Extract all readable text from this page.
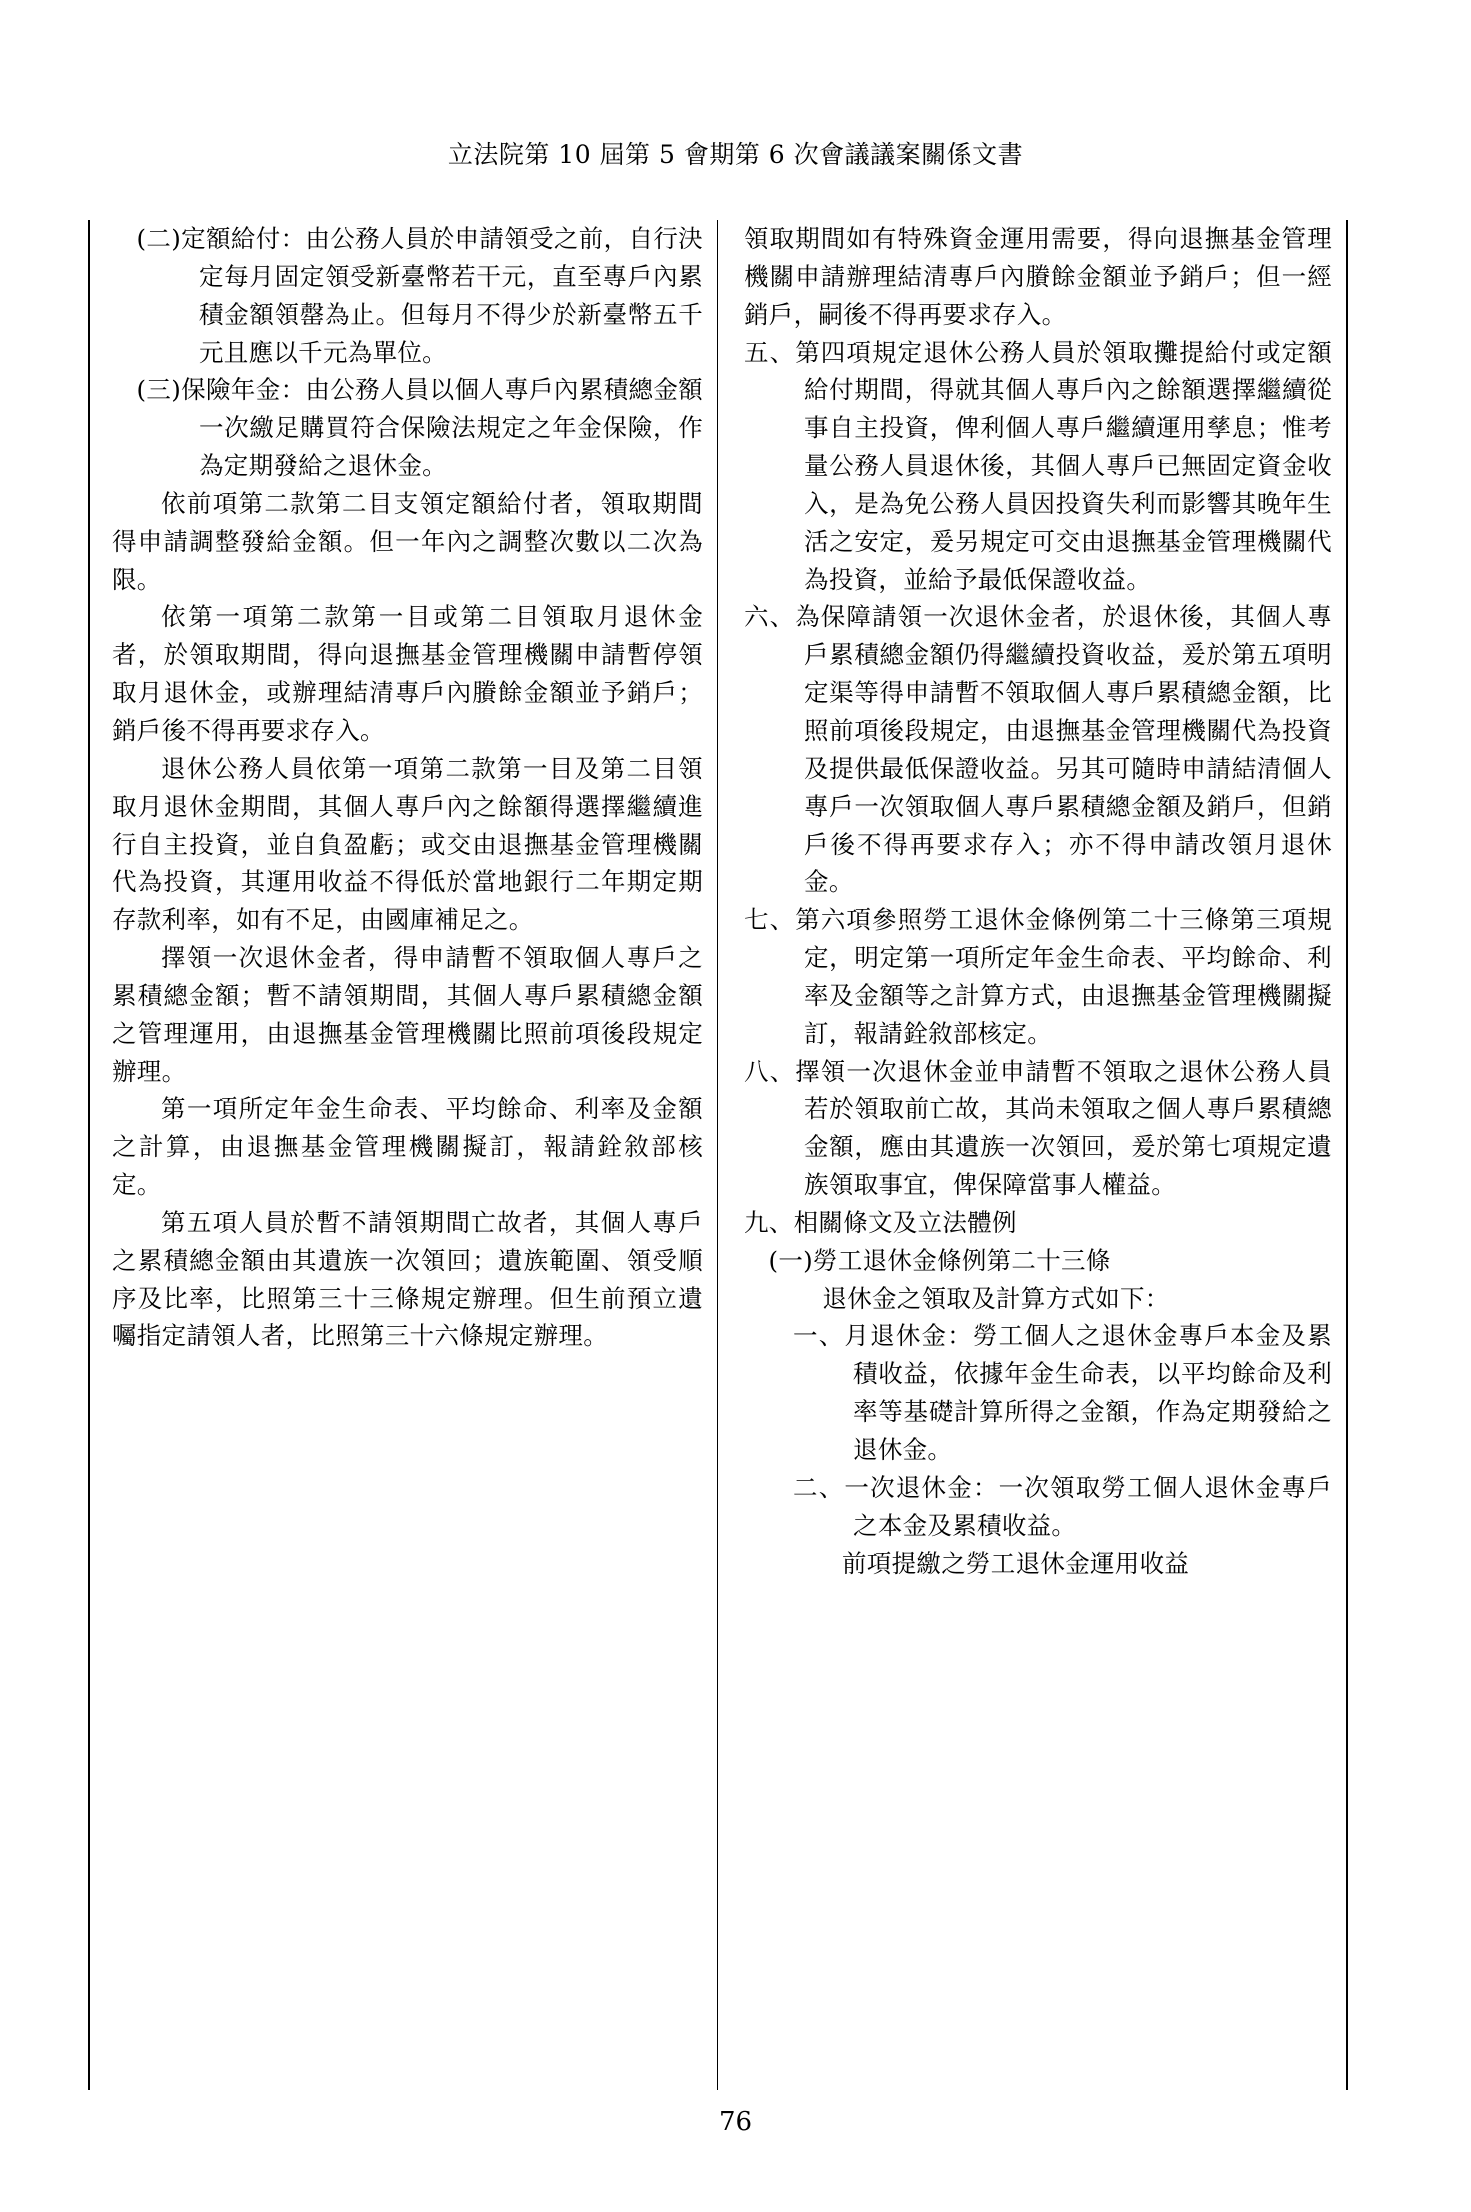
立法院第 10 屆第 5 會期第 6 次會議議案關係文書

(二)定額給付：由公務人員於申請領受之前，自行決定每月固定領受新臺幣若干元，直至專戶內累積金額領罄為止。但每月不得少於新臺幣五千元且應以千元為單位。

(三)保險年金：由公務人員以個人專戶內累積總金額一次繳足購買符合保險法規定之年金保險，作為定期發給之退休金。

依前項第二款第二目支領定額給付者，領取期間得申請調整發給金額。但一年內之調整次數以二次為限。

依第一項第二款第一目或第二目領取月退休金者，於領取期間，得向退撫基金管理機關申請暫停領取月退休金，或辦理結清專戶內賸餘金額並予銷戶；銷戶後不得再要求存入。

退休公務人員依第一項第二款第一目及第二目領取月退休金期間，其個人專戶內之餘額得選擇繼續進行自主投資，並自負盈虧；或交由退撫基金管理機關代為投資，其運用收益不得低於當地銀行二年期定期存款利率，如有不足，由國庫補足之。

擇領一次退休金者，得申請暫不領取個人專戶之累積總金額；暫不請領期間，其個人專戶累積總金額之管理運用，由退撫基金管理機關比照前項後段規定辦理。

第一項所定年金生命表、平均餘命、利率及金額之計算，由退撫基金管理機關擬訂，報請銓敘部核定。

第五項人員於暫不請領期間亡故者，其個人專戶之累積總金額由其遺族一次領回；遺族範圍、領受順序及比率，比照第三十三條規定辦理。但生前預立遺囑指定請領人者，比照第三十六條規定辦理。

領取期間如有特殊資金運用需要，得向退撫基金管理機關申請辦理結清專戶內賸餘金額並予銷戶；但一經銷戶，嗣後不得再要求存入。

五、第四項規定退休公務人員於領取攤提給付或定額給付期間，得就其個人專戶內之餘額選擇繼續從事自主投資，俾利個人專戶繼續運用孳息；惟考量公務人員退休後，其個人專戶已無固定資金收入，是為免公務人員因投資失利而影響其晚年生活之安定，爰另規定可交由退撫基金管理機關代為投資，並給予最低保證收益。

六、為保障請領一次退休金者，於退休後，其個人專戶累積總金額仍得繼續投資收益，爰於第五項明定渠等得申請暫不領取個人專戶累積總金額，比照前項後段規定，由退撫基金管理機關代為投資及提供最低保證收益。另其可隨時申請結清個人專戶一次領取個人專戶累積總金額及銷戶，但銷戶後不得再要求存入；亦不得申請改領月退休金。

七、第六項參照勞工退休金條例第二十三條第三項規定，明定第一項所定年金生命表、平均餘命、利率及金額等之計算方式，由退撫基金管理機關擬訂，報請銓敘部核定。

八、擇領一次退休金並申請暫不領取之退休公務人員若於領取前亡故，其尚未領取之個人專戶累積總金額，應由其遺族一次領回，爰於第七項規定遺族領取事宜，俾保障當事人權益。

九、相關條文及立法體例

(一)勞工退休金條例第二十三條

退休金之領取及計算方式如下：

一、月退休金：勞工個人之退休金專戶本金及累積收益，依據年金生命表，以平均餘命及利率等基礎計算所得之金額，作為定期發給之退休金。

二、一次退休金：一次領取勞工個人退休金專戶之本金及累積收益。

前項提繳之勞工退休金運用收益

76
